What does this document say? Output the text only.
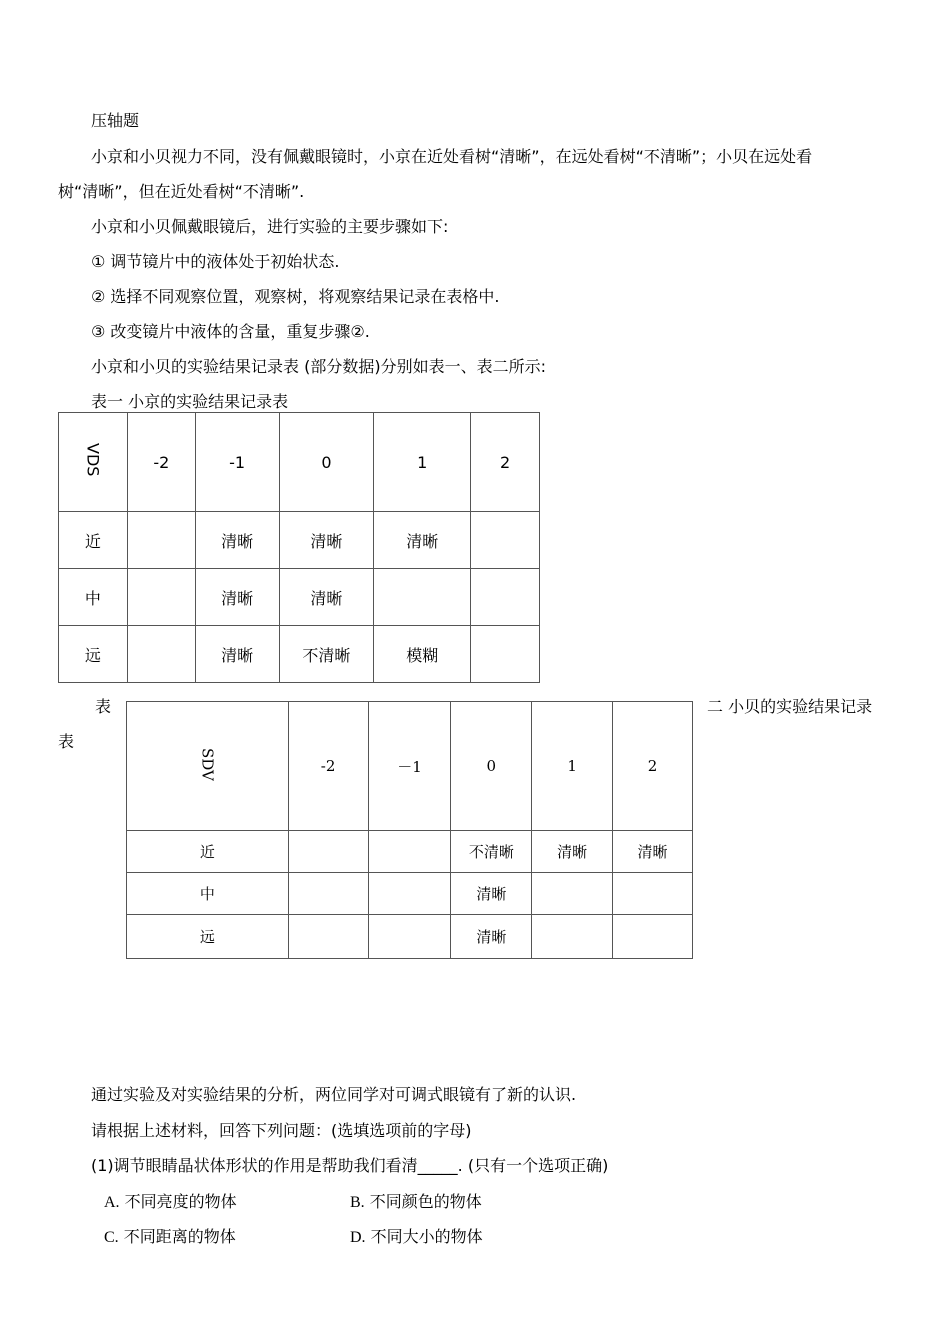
压轴题
小京和小贝视力不同，没有佩戴眼镜时，小京在近处看树“清晰”，在远处看树“不清晰”；小贝在远处看
树“清晰”，但在近处看树“不清晰”.
小京和小贝佩戴眼镜后，进行实验的主要步骤如下:
① 调节镜片中的液体处于初始状态.
② 选择不同观察位置，观察树，将观察结果记录在表格中.
③ 改变镜片中液体的含量，重复步骤②.
小京和小贝的实验结果记录表 (部分数据)分别如表一、表二所示:
表一 小京的实验结果记录表
VDS	-2	-1	0	1	2
近		清晰	清晰	清晰	
中		清晰	清晰		
远		清晰	不清晰	模糊	
表	二 小贝的实验结果记录
表
SDV	-2	－1	0	1	2
近			不清晰	清晰	清晰
中			清晰		
远			清晰		
通过实验及对实验结果的分析，两位同学对可调式眼镜有了新的认识.
请根据上述材料，回答下列问题：(选填选项前的字母)
(1)调节眼睛晶状体形状的作用是帮助我们看清_____. (只有一个选项正确)
A. 不同亮度的物体	B. 不同颜色的物体
C. 不同距离的物体	D. 不同大小的物体
